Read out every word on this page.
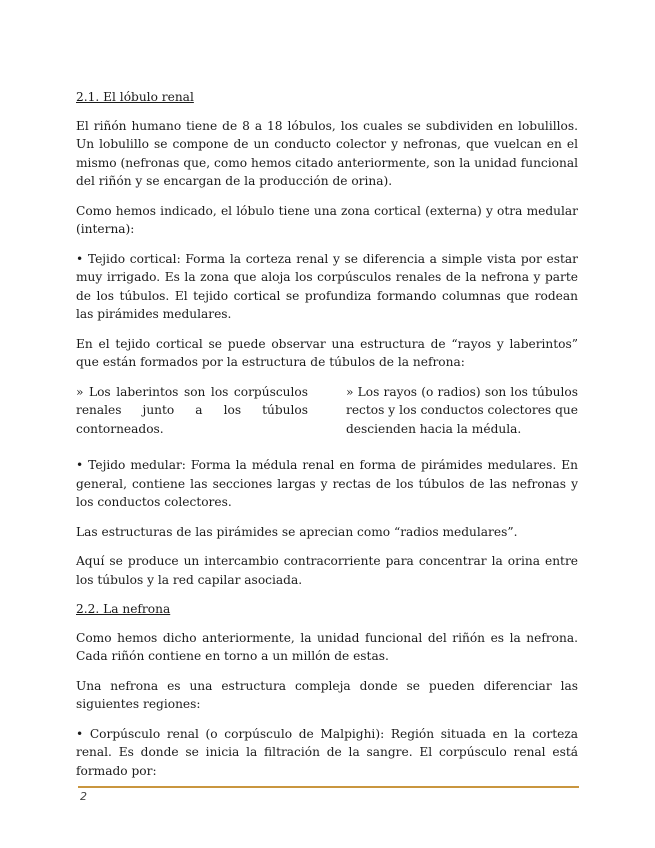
2.1. El lóbulo renal

El riñón humano tiene de 8 a 18 lóbulos, los cuales se subdividen en lobulillos. Un lobulillo se compone de un conducto colector y nefronas, que vuelcan en el mismo (nefronas que, como hemos citado anteriormente, son la unidad funcional del riñón y se encargan de la producción de orina).

Como hemos indicado, el lóbulo tiene una zona cortical (externa) y otra medular (interna):

• Tejido cortical: Forma la corteza renal y se diferencia a simple vista por estar muy irrigado. Es la zona que aloja los corpúsculos renales de la nefrona y parte de los túbulos. El tejido cortical se profundiza formando columnas que rodean las pirámides medulares.

En el tejido cortical se puede observar una estructura de “rayos y laberintos” que están formados por la estructura de túbulos de la nefrona:

» Los laberintos son los corpúsculos renales junto a los túbulos contorneados.
» Los rayos (o radios) son los túbulos rectos y los conductos colectores que descienden hacia la médula.

• Tejido medular: Forma la médula renal en forma de pirámides medulares. En general, contiene las secciones largas y rectas de los túbulos de las nefronas y los conductos colectores.

Las estructuras de las pirámides se aprecian como “radios medulares”.

Aquí se produce un intercambio contracorriente para concentrar la orina entre los túbulos y la red capilar asociada.

2.2. La nefrona

Como hemos dicho anteriormente, la unidad funcional del riñón es la nefrona. Cada riñón contiene en torno a un millón de estas.

Una nefrona es una estructura compleja donde se pueden diferenciar las siguientes regiones:

• Corpúsculo renal (o corpúsculo de Malpighi): Región situada en la corteza renal. Es donde se inicia la filtración de la sangre. El corpúsculo renal está formado por:

2
